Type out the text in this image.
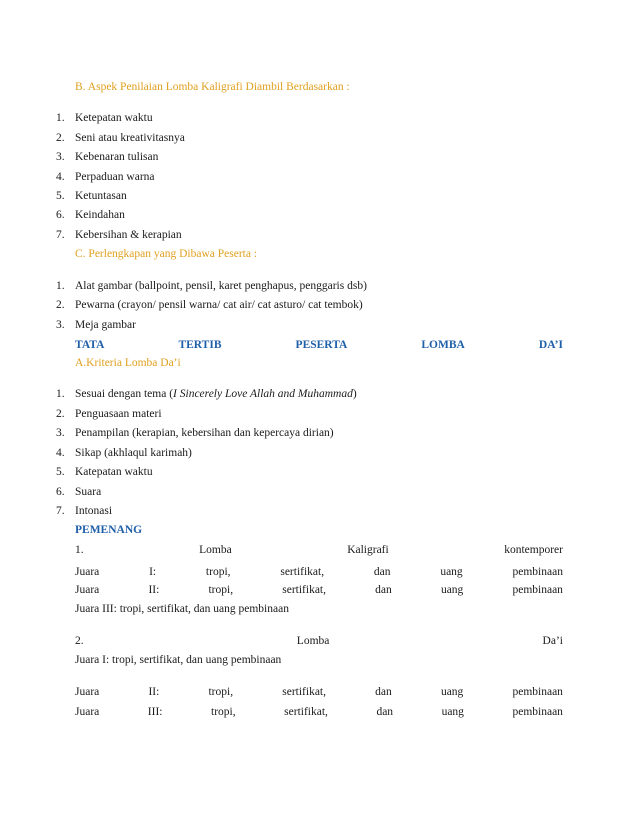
B. Aspek Penilaian Lomba Kaligrafi Diambil Berdasarkan :
1. Ketepatan waktu
2. Seni atau kreativitasnya
3. Kebenaran tulisan
4. Perpaduan warna
5. Ketuntasan
6. Keindahan
7. Kebersihan & kerapian
C. Perlengkapan yang Dibawa Peserta :
1. Alat gambar (ballpoint, pensil, karet penghapus, penggaris dsb)
2. Pewarna (crayon/ pensil warna/ cat air/ cat asturo/ cat tembok)
3. Meja gambar
TATA	TERTIB	PESERTA	LOMBA	DA’I
A.Kriteria Lomba Da’i
1. Sesuai dengan tema (I Sincerely Love Allah and Muhammad)
2. Penguasaan materi
3. Penampilan (kerapian, kebersihan dan kepercaya dirian)
4. Sikap (akhlaqul karimah)
5. Katepatan waktu
6. Suara
7. Intonasi
PEMENANG
1.	Lomba	Kaligrafi	kontemporer
Juara	I:	tropi,	sertifikat,	dan	uang	pembinaan
Juara	II:	tropi,	sertifikat,	dan	uang	pembinaan
Juara III: tropi, sertifikat, dan uang pembinaan
2.	Lomba	Da’i
Juara I: tropi, sertifikat, dan uang pembinaan
Juara	II:	tropi,	sertifikat,	dan	uang	pembinaan
Juara	III:	tropi,	sertifikat,	dan	uang	pembinaan
